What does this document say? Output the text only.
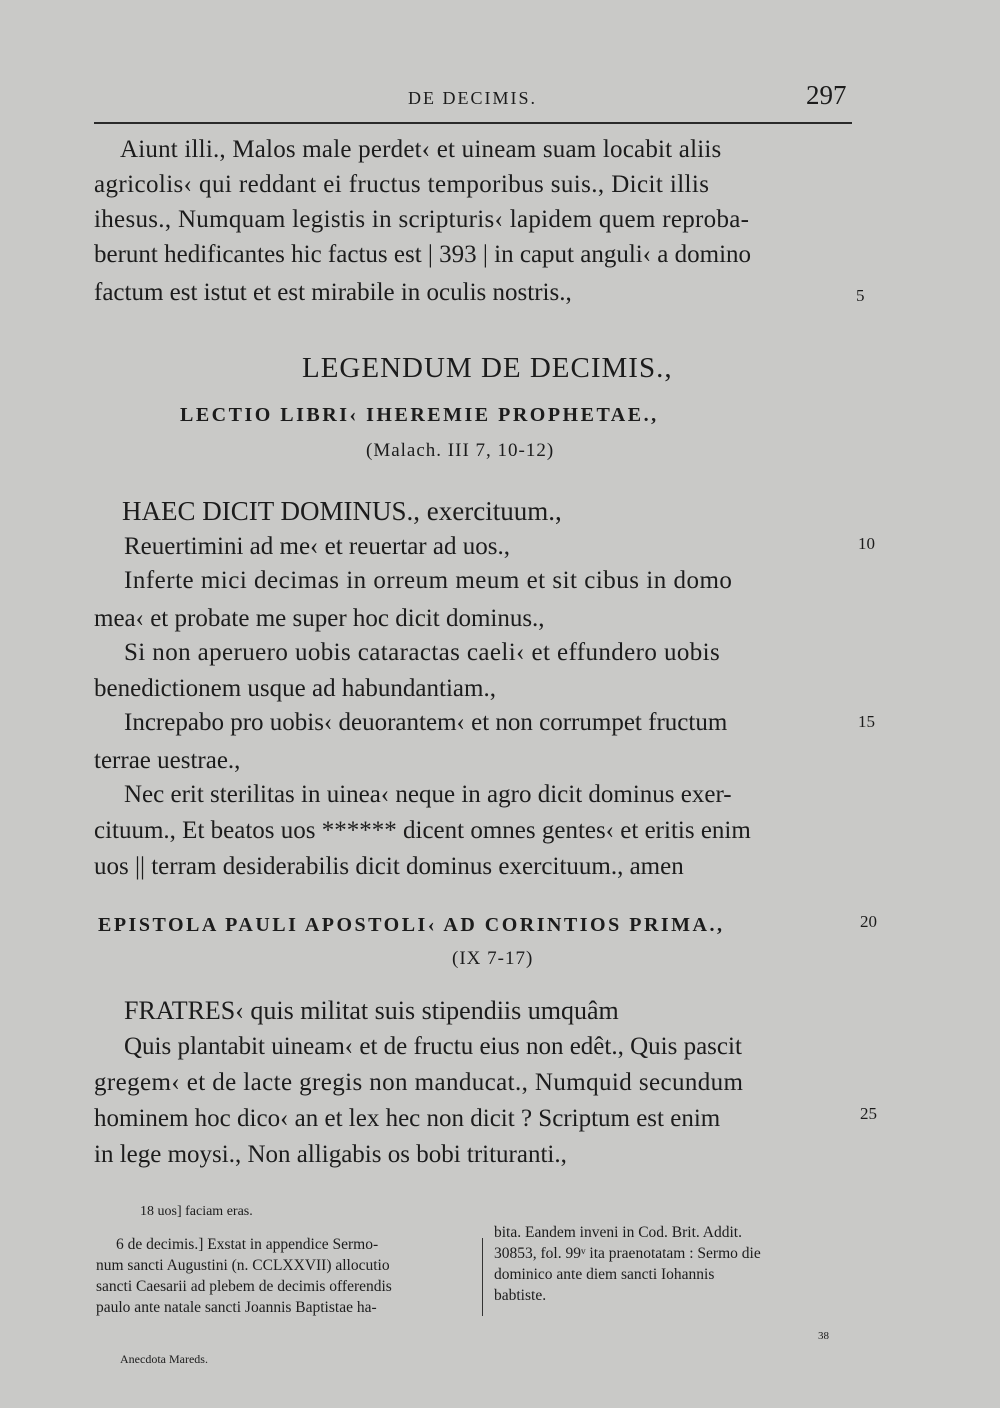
DE DECIMIS.	297
Aiunt illi., Malos male perdet‹ et uineam suam locabit aliis
agricolis‹ qui reddant ei fructus temporibus suis., Dicit illis
ihesus., Numquam legistis in scripturis‹ lapidem quem reproba-
berunt hedificantes hic factus est | 393 | in caput anguli‹ a domino
factum est istut et est mirabile in oculis nostris.,	5
LEGENDUM DE DECIMIS.,
LECTIO LIBRI‹ IHEREMIE PROPHETAE.,
(Malach. III 7, 10-12)
HAEC DICIT DOMINUS., exercituum.,
Reuertimini ad me‹ et reuertar ad uos.,	10
Inferte mici decimas in orreum meum et sit cibus in domo
mea‹ et probate me super hoc dicit dominus.,
Si non aperuero uobis cataractas caeli‹ et effundero uobis
benedictionem usque ad habundantiam.,
Increpabo pro uobis‹ deuorantem‹ et non corrumpet fructum	15
terrae uestrae.,
Nec erit sterilitas in uinea‹ neque in agro dicit dominus exer-
cituum., Et beatos uos ****** dicent omnes gentes‹ et eritis enim
uos || terram desiderabilis dicit dominus exercituum., amen
EPISTOLA PAULI APOSTOLI‹ AD CORINTIOS PRIMA.,	20
(IX 7-17)
FRATRES‹ quis militat suis stipendiis umquâm
Quis plantabit uineam‹ et de fructu eius non edêt., Quis pascit
gregem‹ et de lacte gregis non manducat., Numquid secundum
hominem hoc dico‹ an et lex hec non dicit ? Scriptum est enim	25
in lege moysi., Non alligabis os bobi trituranti.,
18 uos] faciam eras.
6 de decimis.] Exstat in appendice Sermo-
num sancti Augustini (n. CCLXXVII) allocutio
sancti Caesarii ad plebem de decimis offerendis
paulo ante natale sancti Joannis Baptistae ha-
bita. Eandem inveni in Cod. Brit. Addit.
30853, fol. 99ᵛ ita praenotatam : Sermo die
dominico ante diem sancti Iohannis
babtiste.
38
Anecdota Mareds.
